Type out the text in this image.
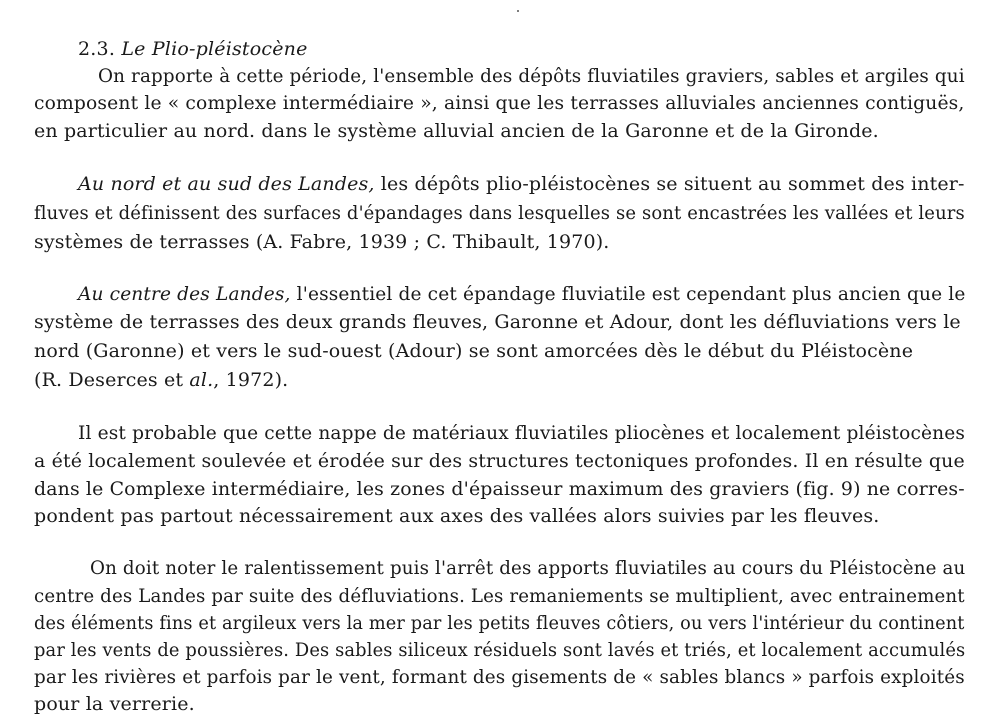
2.3. Le Plio-pléistocène
On rapporte à cette période, l'ensemble des dépôts fluviatiles graviers, sables et argiles qui
composent le « complexe intermédiaire », ainsi que les terrasses alluviales anciennes contiguës,
en particulier au nord. dans le système alluvial ancien de la Garonne et de la Gironde.
Au nord et au sud des Landes, les dépôts plio-pléistocènes se situent au sommet des inter-
fluves et définissent des surfaces d'épandages dans lesquelles se sont encastrées les vallées et leurs
systèmes de terrasses (A. Fabre, 1939 ; C. Thibault, 1970).
Au centre des Landes, l'essentiel de cet épandage fluviatile est cependant plus ancien que le
système de terrasses des deux grands fleuves, Garonne et Adour, dont les défluviations vers le
nord (Garonne) et vers le sud-ouest (Adour) se sont amorcées dès le début du Pléistocène
(R. Deserces et al., 1972).
Il est probable que cette nappe de matériaux fluviatiles pliocènes et localement pléistocènes
a été localement soulevée et érodée sur des structures tectoniques profondes. Il en résulte que
dans le Complexe intermédiaire, les zones d'épaisseur maximum des graviers (fig. 9) ne corres-
pondent pas partout nécessairement aux axes des vallées alors suivies par les fleuves.
On doit noter le ralentissement puis l'arrêt des apports fluviatiles au cours du Pléistocène au
centre des Landes par suite des défluviations. Les remaniements se multiplient, avec entrainement
des éléments fins et argileux vers la mer par les petits fleuves côtiers, ou vers l'intérieur du continent
par les vents de poussières. Des sables siliceux résiduels sont lavés et triés, et localement accumulés
par les rivières et parfois par le vent, formant des gisements de « sables blancs » parfois exploités
pour la verrerie.
